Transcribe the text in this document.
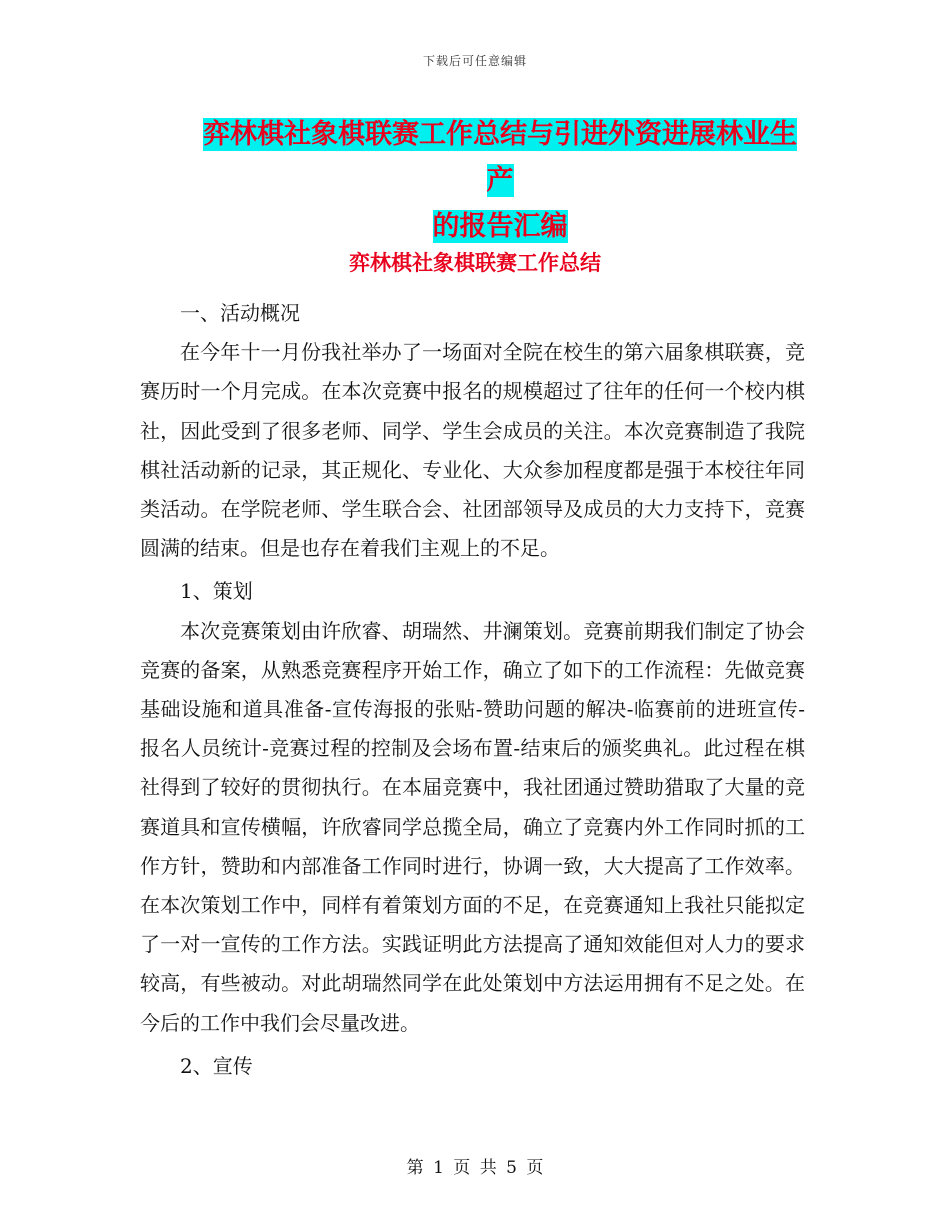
下载后可任意编辑
弈林棋社象棋联赛工作总结与引进外资进展林业生产
的报告汇编
弈林棋社象棋联赛工作总结

一、活动概况

在今年十一月份我社举办了一场面对全院在校生的第六届象棋联赛，竞赛历时一个月完成。在本次竞赛中报名的规模超过了往年的任何一个校内棋社，因此受到了很多老师、同学、学生会成员的关注。本次竞赛制造了我院棋社活动新的记录，其正规化、专业化、大众参加程度都是强于本校往年同类活动。在学院老师、学生联合会、社团部领导及成员的大力支持下，竞赛圆满的结束。但是也存在着我们主观上的不足。

1、策划

本次竞赛策划由许欣睿、胡瑞然、井澜策划。竞赛前期我们制定了协会竞赛的备案，从熟悉竞赛程序开始工作，确立了如下的工作流程：先做竞赛基础设施和道具准备-宣传海报的张贴-赞助问题的解决-临赛前的进班宣传-报名人员统计-竞赛过程的控制及会场布置-结束后的颁奖典礼。此过程在棋社得到了较好的贯彻执行。在本届竞赛中，我社团通过赞助猎取了大量的竞赛道具和宣传横幅，许欣睿同学总揽全局，确立了竞赛内外工作同时抓的工作方针，赞助和内部准备工作同时进行，协调一致，大大提高了工作效率。在本次策划工作中，同样有着策划方面的不足，在竞赛通知上我社只能拟定了一对一宣传的工作方法。实践证明此方法提高了通知效能但对人力的要求较高，有些被动。对此胡瑞然同学在此处策划中方法运用拥有不足之处。在今后的工作中我们会尽量改进。

2、宣传

第 1 页 共 5 页
